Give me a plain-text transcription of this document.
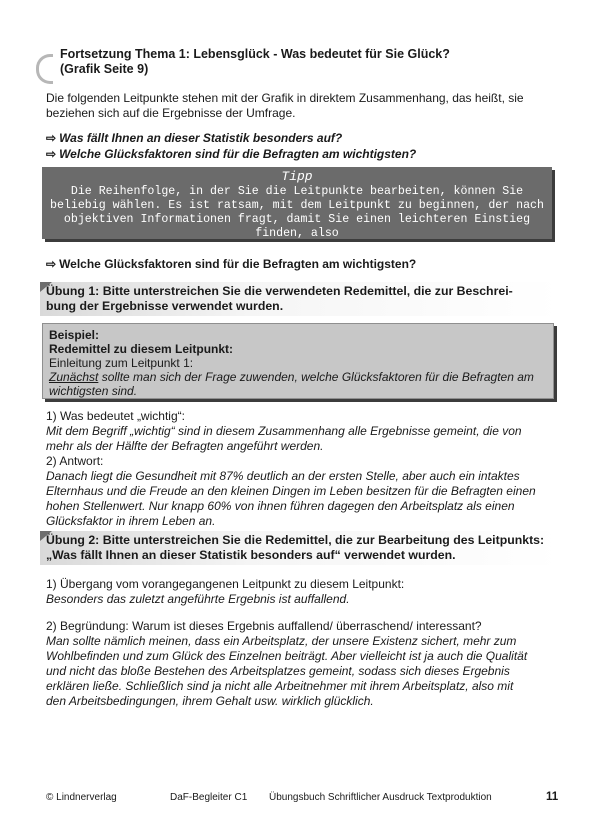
Fortsetzung Thema 1: Lebensglück - Was bedeutet für Sie Glück?
(Grafik Seite 9)
Die folgenden Leitpunkte stehen mit der Grafik in direktem Zusammenhang, das heißt, sie
beziehen sich auf die Ergebnisse der Umfrage.
⇨ Was fällt Ihnen an dieser Statistik besonders auf?
⇨ Welche Glücksfaktoren sind für die Befragten am wichtigsten?
Tipp
Die Reihenfolge, in der Sie die Leitpunkte bearbeiten, können Sie
beliebig wählen. Es ist ratsam, mit dem Leitpunkt zu beginnen, der nach
objektiven Informationen fragt, damit Sie einen leichteren Einstieg
finden, also
⇨ Welche Glücksfaktoren sind für die Befragten am wichtigsten?
Übung 1: Bitte unterstreichen Sie die verwendeten Redemittel, die zur Beschrei-
bung der Ergebnisse verwendet wurden.
Beispiel:
Redemittel zu diesem Leitpunkt:
Einleitung zum Leitpunkt 1:
Zunächst sollte man sich der Frage zuwenden, welche Glücksfaktoren für die Befragten am
wichtigsten sind.
1) Was bedeutet „wichtig“:
Mit dem Begriff „wichtig“ sind in diesem Zusammenhang alle Ergebnisse gemeint, die von
mehr als der Hälfte der Befragten angeführt werden.
2) Antwort:
Danach liegt die Gesundheit mit 87% deutlich an der ersten Stelle, aber auch ein intaktes
Elternhaus und die Freude an den kleinen Dingen im Leben besitzen für die Befragten einen
hohen Stellenwert. Nur knapp 60% von ihnen führen dagegen den Arbeitsplatz als einen
Glücksfaktor in ihrem Leben an.
Übung 2: Bitte unterstreichen Sie die Redemittel, die zur Bearbeitung des Leitpunkts:
„Was fällt Ihnen an dieser Statistik besonders auf“ verwendet wurden.
1) Übergang vom vorangegangenen Leitpunkt zu diesem Leitpunkt:
Besonders das zuletzt angeführte Ergebnis ist auffallend.
2) Begründung: Warum ist dieses Ergebnis auffallend/ überraschend/ interessant?
Man sollte nämlich meinen, dass ein Arbeitsplatz, der unsere Existenz sichert, mehr zum
Wohlbefinden und zum Glück des Einzelnen beiträgt. Aber vielleicht ist ja auch die Qualität
und nicht das bloße Bestehen des Arbeitsplatzes gemeint, sodass sich dieses Ergebnis
erklären ließe. Schließlich sind ja nicht alle Arbeitnehmer mit ihrem Arbeitsplatz, also mit
den Arbeitsbedingungen, ihrem Gehalt usw. wirklich glücklich.
© Lindnerverlag	DaF-Begleiter C1 Übungsbuch Schriftlicher Ausdruck Textproduktion	11
